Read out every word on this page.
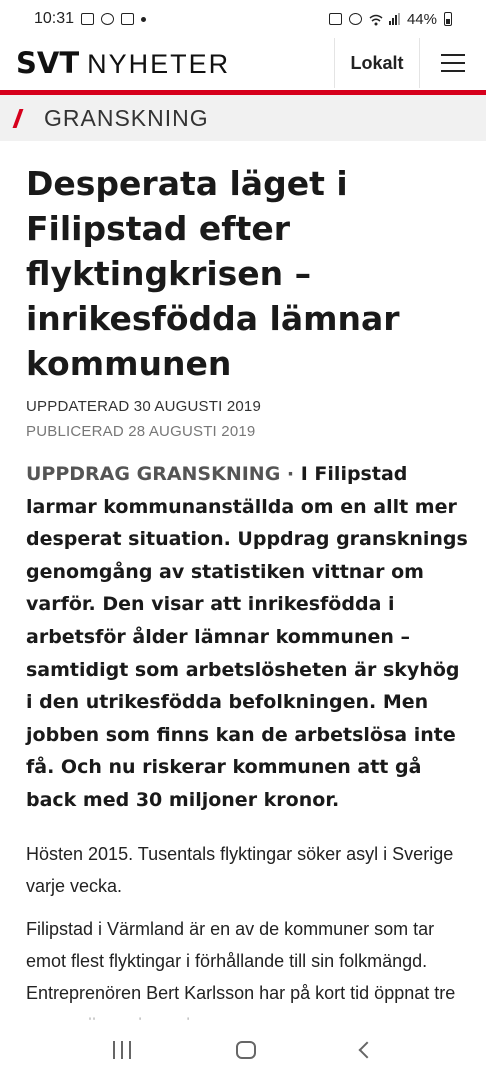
10:31	44%
SVT NYHETER	Lokalt
GRANSKNING
Desperata läget i Filipstad efter flyktingkrisen – inrikesfödda lämnar kommunen
UPPDATERAD 30 AUGUSTI 2019
PUBLICERAD 28 AUGUSTI 2019

UPPDRAG GRANSKNING · I Filipstad larmar kommunanställda om en allt mer desperat situation. Uppdrag gransknings genomgång av statistiken vittnar om varför. Den visar att inrikesfödda i arbetsför ålder lämnar kommunen – samtidigt som arbetslösheten är skyhög i den utrikesfödda befolkningen. Men jobben som finns kan de arbetslösa inte få. Och nu riskerar kommunen att gå back med 30 miljoner kronor.

Hösten 2015. Tusentals flyktingar söker asyl i Sverige varje vecka.

Filipstad i Värmland är en av de kommuner som tar emot flest flyktingar i förhållande till sin folkmängd. Entreprenören Bert Karlsson har på kort tid öppnat tre
